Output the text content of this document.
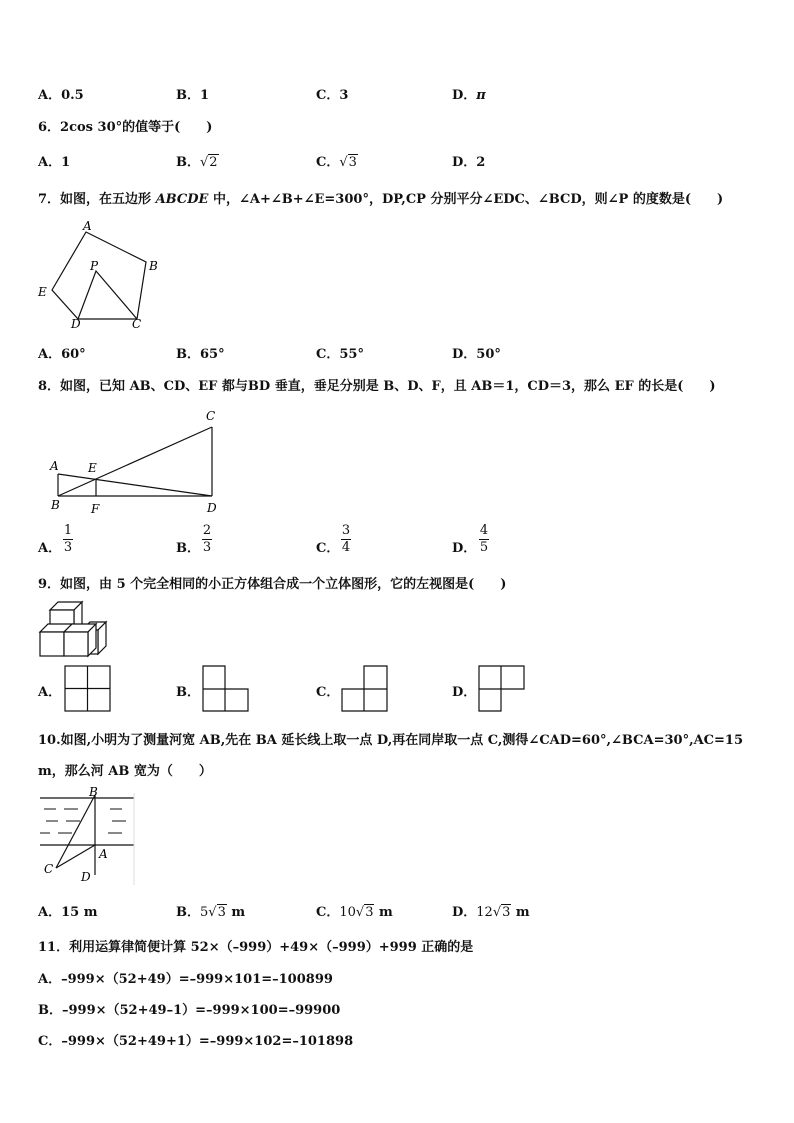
A．0.5	B．1	C．3	D．π
6．2cos 30°的值等于(　　)
A．1	B．√2	C．√3	D．2
7．如图，在五边形 ABCDE 中，∠A+∠B+∠E=300°，DP,CP 分别平分∠EDC、∠BCD，则∠P 的度数是(　　)
A
B
C
D
E
P
A．60°	B．65°	C．55°	D．50°
8．如图，已知 AB、CD、EF 都与BD 垂直，垂足分别是 B、D、F，且 AB＝1，CD＝3，那么 EF 的长是(　　)
A
B
C
D
E
F
A．
1
3	B．
2
3	C．
3
4	D．
4
5
9．如图，由 5 个完全相同的小正方体组合成一个立体图形，它的左视图是(　　)
A．	B．	C．	D．
10.如图,小明为了测量河宽 AB,先在 BA 延长线上取一点 D,再在同岸取一点 C,测得∠CAD=60°,∠BCA=30°,AC=15
m，那么河 AB 宽为（　　）
B
A
C
D
A．15 m	B．5√3 m	C．10√3 m	D．12√3 m
11．利用运算律简便计算 52×（–999）+49×（–999）+999 正确的是
A．–999×（52+49）=–999×101=–100899
B．–999×（52+49–1）=–999×100=–99900
C．–999×（52+49+1）=–999×102=–101898
